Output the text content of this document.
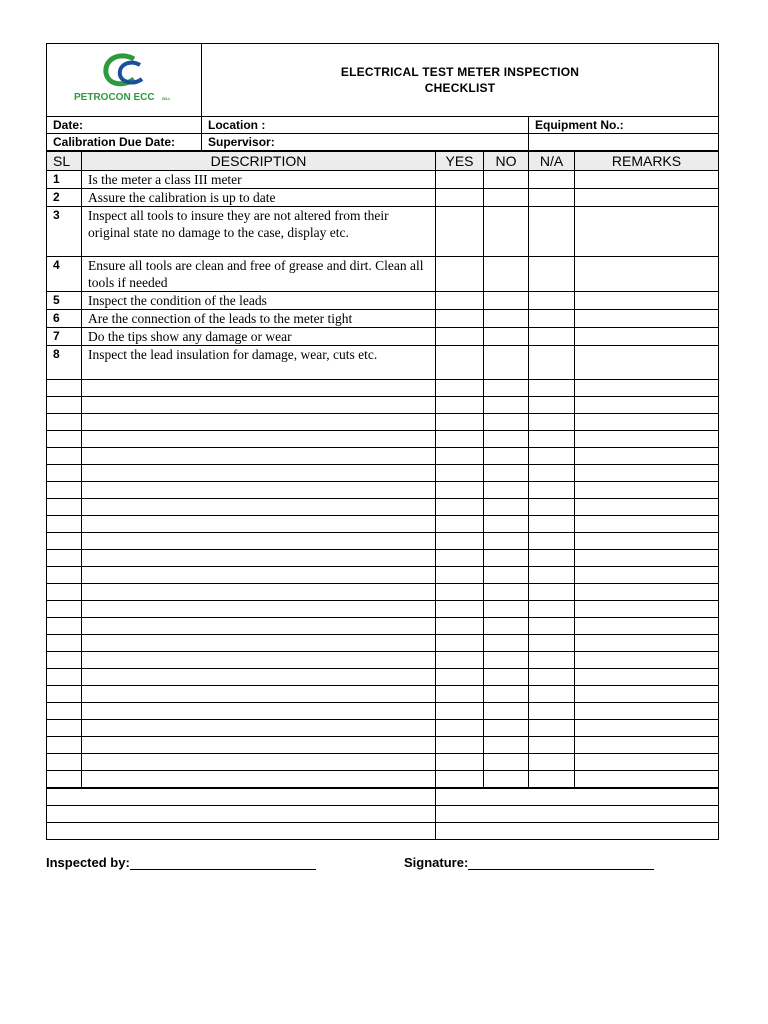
PETROCON ECC WLL	ELECTRICAL TEST METER INSPECTION
CHECKLIST	

Date:	Location :	Equipment No.:
Calibration Due Date:	Supervisor:	
SL	DESCRIPTION	YES	NO	N/A	REMARKS
1	Is the meter a class III meter				
2	Assure the calibration is up to date				
3	Inspect all tools to insure they are not altered from their original state no damage to the case, display etc.				
4	Ensure all tools are clean and free of grease and dirt. Clean all tools if needed				
5	Inspect the condition of the leads				
6	Are the connection of the leads to the meter tight				
7	Do the tips show any damage or wear				
8	Inspect the lead insulation for damage, wear, cuts etc.				

Inspected by:	Signature:
